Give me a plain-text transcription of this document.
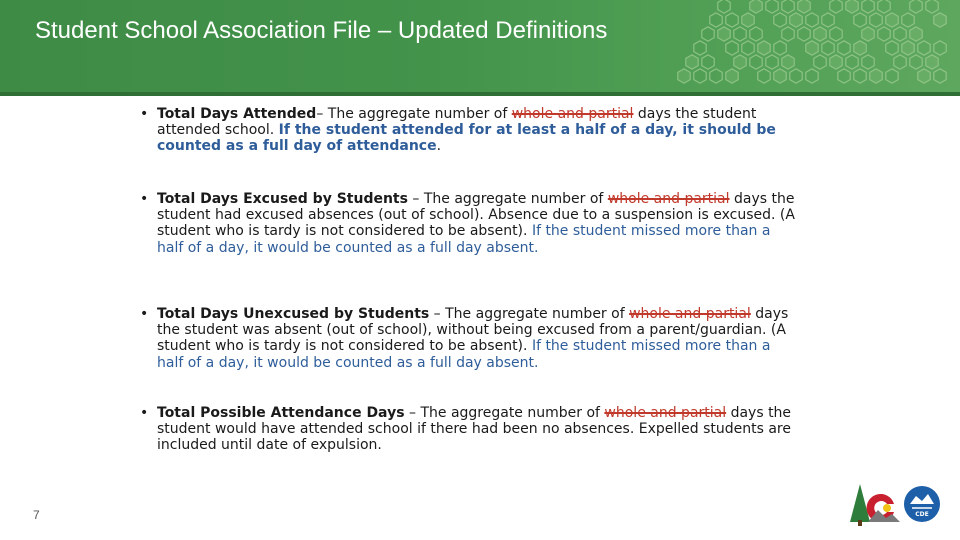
Student School Association File – Updated Definitions
• Total Days Attended– The aggregate number of whole and partial days the student attended school. If the student attended for at least a half of a day, it should be counted as a full day of attendance.
• Total Days Excused by Students – The aggregate number of whole and partial days the student had excused absences (out of school). Absence due to a suspension is excused. (A student who is tardy is not considered to be absent). If the student missed more than a half of a day, it would be counted as a full day absent.
• Total Days Unexcused by Students – The aggregate number of whole and partial days the student was absent (out of school), without being excused from a parent/guardian. (A student who is tardy is not considered to be absent). If the student missed more than a half of a day, it would be counted as a full day absent.
• Total Possible Attendance Days – The aggregate number of whole and partial days the student would have attended school if there had been no absences. Expelled students are included until date of expulsion.
7	CDE
